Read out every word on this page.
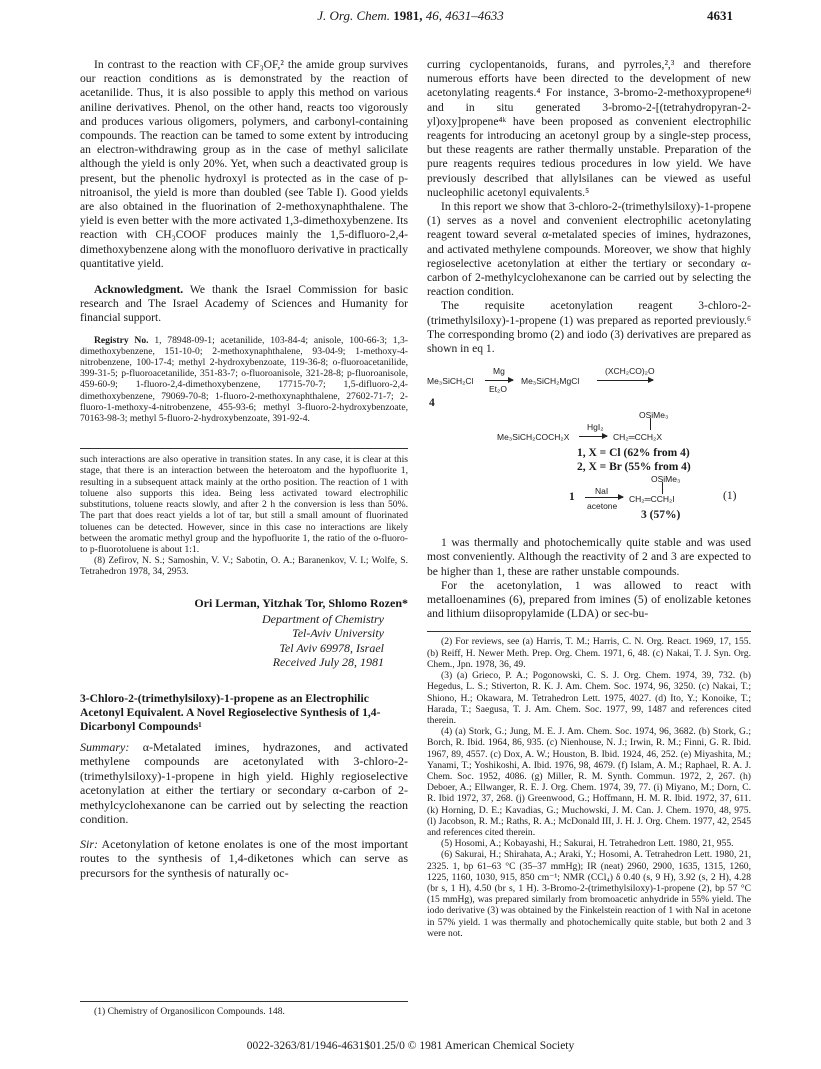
J. Org. Chem. 1981, 46, 4631–4633	4631

In contrast to the reaction with CF₃OF,² the amide group survives our reaction conditions as is demonstrated by the reaction of acetanilide. Thus, it is also possible to apply this method on various aniline derivatives. Phenol, on the other hand, reacts too vigorously and produces various oligomers, polymers, and carbonyl-containing compounds. The reaction can be tamed to some extent by introducing an electron-withdrawing group as in the case of methyl salicilate although the yield is only 20%. Yet, when such a deactivated group is present, but the phenolic hydroxyl is protected as in the case of p-nitroanisol, the yield is more than doubled (see Table I). Good yields are also obtained in the fluorination of 2-methoxynaphthalene. The yield is even better with the more activated 1,3-dimethoxybenzene. Its reaction with CH₃COOF produces mainly the 1,5-difluoro-2,4-dimethoxybenzene along with the monofluoro derivative in practically quantitative yield.

Acknowledgment. We thank the Israel Commission for basic research and The Israel Academy of Sciences and Humanity for financial support.

Registry No. 1, 78948-09-1; acetanilide, 103-84-4; anisole, 100-66-3; 1,3-dimethoxybenzene, 151-10-0; 2-methoxynaphthalene, 93-04-9; 1-methoxy-4-nitrobenzene, 100-17-4; methyl 2-hydroxybenzoate, 119-36-8; o-fluoroacetanilide, 399-31-5; p-fluoroacetanilide, 351-83-7; o-fluoroanisole, 321-28-8; p-fluoroanisole, 459-60-9; 1-fluoro-2,4-dimethoxybenzene, 17715-70-7; 1,5-difluoro-2,4-dimethoxybenzene, 79069-70-8; 1-fluoro-2-methoxynaphthalene, 27602-71-7; 2-fluoro-1-methoxy-4-nitrobenzene, 455-93-6; methyl 3-fluoro-2-hydroxybenzoate, 70163-98-3; methyl 5-fluoro-2-hydroxybenzoate, 391-92-4.

such interactions are also operative in transition states. In any case, it is clear at this stage, that there is an interaction between the heteroatom and the hypofluorite 1, resulting in a subsequent attack mainly at the ortho position. The reaction of 1 with toluene also supports this idea. Being less activated toward electrophilic substitutions, toluene reacts slowly, and after 2 h the conversion is less than 50%. The part that does react yields a lot of tar, but still a small amount of fluorinated toluenes can be detected. However, since in this case no interactions are likely between the aromatic methyl group and the hypofluorite 1, the ratio of the o-fluoro- to p-fluorotoluene is about 1:1.

(8) Zefirov, N. S.; Samoshin, V. V.; Sabotin, O. A.; Baranenkov, V. I.; Wolfe, S. Tetrahedron 1978, 34, 2953.

Ori Lerman, Yitzhak Tor, Shlomo Rozen*
Department of Chemistry
Tel-Aviv University
Tel Aviv 69978, Israel
Received July 28, 1981
3-Chloro-2-(trimethylsiloxy)-1-propene as an Electrophilic Acetonyl Equivalent. A Novel Regioselective Synthesis of 1,4-Dicarbonyl Compounds¹

Summary: α-Metalated imines, hydrazones, and activated methylene compounds are acetonylated with 3-chloro-2-(trimethylsiloxy)-1-propene in high yield. Highly regioselective acetonylation at either the tertiary or secondary α-carbon of 2-methylcyclohexanone can be carried out by selecting the reaction condition.

Sir: Acetonylation of ketone enolates is one of the most important routes to the synthesis of 1,4-diketones which can serve as precursors for the synthesis of naturally oc-

(1) Chemistry of Organosilicon Compounds. 148.

curring cyclopentanoids, furans, and pyrroles,²,³ and therefore numerous efforts have been directed to the development of new acetonylating reagents.⁴ For instance, 3-bromo-2-methoxypropene⁴ʲ and in situ generated 3-bromo-2-[(tetrahydropyran-2-yl)oxy]propene⁴ᵏ have been proposed as convenient electrophilic reagents for introducing an acetonyl group by a single-step process, but these reagents are rather thermally unstable. Preparation of the pure reagents requires tedious procedures in low yield. We have previously described that allylsilanes can be viewed as useful nucleophilic acetonyl equivalents.⁵

In this report we show that 3-chloro-2-(trimethylsiloxy)-1-propene (1) serves as a novel and convenient electrophilic acetonylating reagent toward several α-metalated species of imines, hydrazones, and activated methylene compounds. Moreover, we show that highly regioselective acetonylation at either the tertiary or secondary α-carbon of 2-methylcyclohexanone can be carried out by selecting the reaction condition.

The requisite acetonylation reagent 3-chloro-2-(trimethylsiloxy)-1-propene (1) was prepared as reported previously.⁶ The corresponding bromo (2) and iodo (3) derivatives are prepared as shown in eq 1.

Me₃SiCH₂Cl
Mg
Et₂O
Me₃SiCH₂MgCl
(XCH₂CO)₂O
4
OSiMe₃
Me₃SiCH₂COCH₂X
HgI₂
CH₂═CCH₂X
1, X = Cl (62% from 4)
2, X = Br (55% from 4)
OSiMe₃
1 NaI
acetone
CH₂═CCH₂I	(1)
3 (57%)

1 was thermally and photochemically quite stable and was used most conveniently. Although the reactivity of 2 and 3 are expected to be higher than 1, these are rather unstable compounds.

For the acetonylation, 1 was allowed to react with metalloenamines (6), prepared from imines (5) of enolizable ketones and lithium diisopropylamide (LDA) or sec-bu-

(2) For reviews, see (a) Harris, T. M.; Harris, C. N. Org. React. 1969, 17, 155. (b) Reiff, H. Newer Meth. Prep. Org. Chem. 1971, 6, 48. (c) Nakai, T. J. Syn. Org. Chem., Jpn. 1978, 36, 49.

(3) (a) Grieco, P. A.; Pogonowski, C. S. J. Org. Chem. 1974, 39, 732. (b) Hegedus, L. S.; Stiverton, R. K. J. Am. Chem. Soc. 1974, 96, 3250. (c) Nakai, T.; Shiono, H.; Okawara, M. Tetrahedron Lett. 1975, 4027. (d) Ito, Y.; Konoike, T.; Harada, T.; Saegusa, T. J. Am. Chem. Soc. 1977, 99, 1487 and references cited therein.

(4) (a) Stork, G.; Jung, M. E. J. Am. Chem. Soc. 1974, 96, 3682. (b) Stork, G.; Borch, R. Ibid. 1964, 86, 935. (c) Nienhouse, N. J.; Irwin, R. M.; Finni, G. R. Ibid. 1967, 89, 4557. (c) Dox, A. W.; Houston, B. Ibid. 1924, 46, 252. (e) Miyashita, M.; Yanami, T.; Yoshikoshi, A. Ibid. 1976, 98, 4679. (f) Islam, A. M.; Raphael, R. A. J. Chem. Soc. 1952, 4086. (g) Miller, R. M. Synth. Commun. 1972, 2, 267. (h) Deboer, A.; Ellwanger, R. E. J. Org. Chem. 1974, 39, 77. (i) Miyano, M.; Dorn, C. R. Ibid 1972, 37, 268. (j) Greenwood, G.; Hoffmann, H. M. R. Ibid. 1972, 37, 611. (k) Horning, D. E.; Kavadias, G.; Muchowski, J. M. Can. J. Chem. 1970, 48, 975. (l) Jacobson, R. M.; Raths, R. A.; McDonald III, J. H. J. Org. Chem. 1977, 42, 2545 and references cited therein.

(5) Hosomi, A.; Kobayashi, H.; Sakurai, H. Tetrahedron Lett. 1980, 21, 955.

(6) Sakurai, H.; Shirahata, A.; Araki, Y.; Hosomi, A. Tetrahedron Lett. 1980, 21, 2325. 1, bp 61–63 °C (35–37 mmHg); IR (neat) 2960, 2900, 1635, 1315, 1260, 1225, 1160, 1030, 915, 850 cm⁻¹; NMR (CCl₄) δ 0.40 (s, 9 H), 3.92 (s, 2 H), 4.28 (br s, 1 H), 4.50 (br s, 1 H). 3-Bromo-2-(trimethylsiloxy)-1-propene (2), bp 57 °C (15 mmHg), was prepared similarly from bromoacetic anhydride in 55% yield. The iodo derivative (3) was obtained by the Finkelstein reaction of 1 with NaI in acetone in 57% yield. 1 was thermally and photochemically quite stable, but both 2 and 3 were not.

0022-3263/81/1946-4631$01.25/0 © 1981 American Chemical Society
